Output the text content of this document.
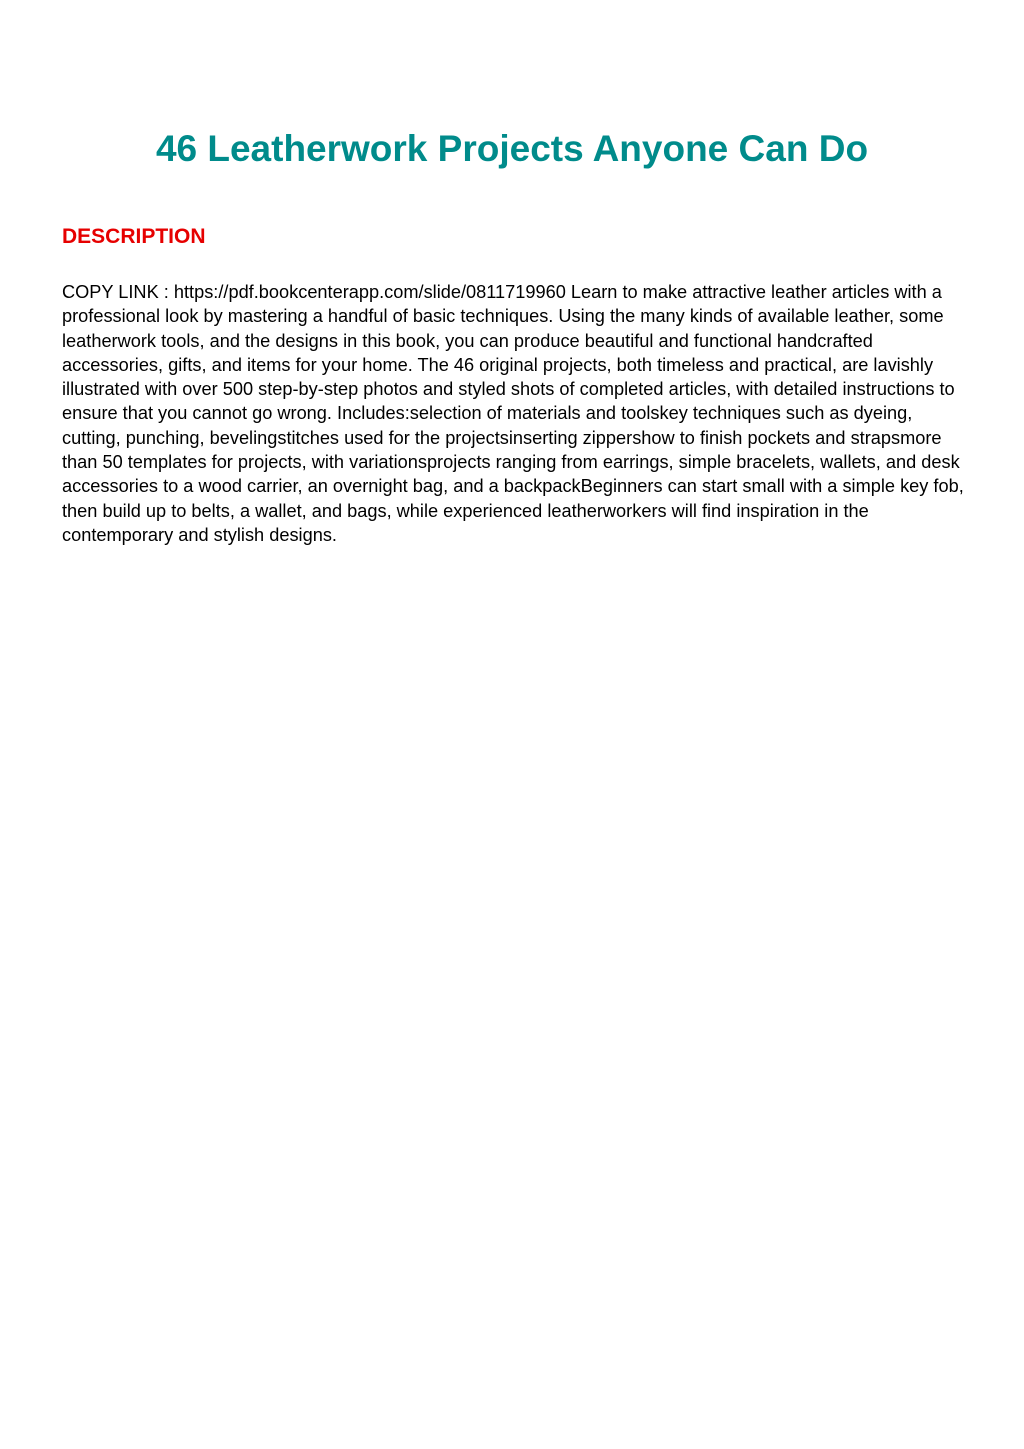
46 Leatherwork Projects Anyone Can Do
DESCRIPTION

COPY LINK : https://pdf.bookcenterapp.com/slide/0811719960 Learn to make attractive leather articles with a professional look by mastering a handful of basic techniques. Using the many kinds of available leather, some leatherwork tools, and the designs in this book, you can produce beautiful and functional handcrafted accessories, gifts, and items for your home. The 46 original projects, both timeless and practical, are lavishly illustrated with over 500 step-by-step photos and styled shots of completed articles, with detailed instructions to ensure that you cannot go wrong. Includes:selection of materials and toolskey techniques such as dyeing, cutting, punching, bevelingstitches used for the projectsinserting zippershow to finish pockets and strapsmore than 50 templates for projects, with variationsprojects ranging from earrings, simple bracelets, wallets, and desk accessories to a wood carrier, an overnight bag, and a backpackBeginners can start small with a simple key fob, then build up to belts, a wallet, and bags, while experienced leatherworkers will find inspiration in the contemporary and stylish designs.
